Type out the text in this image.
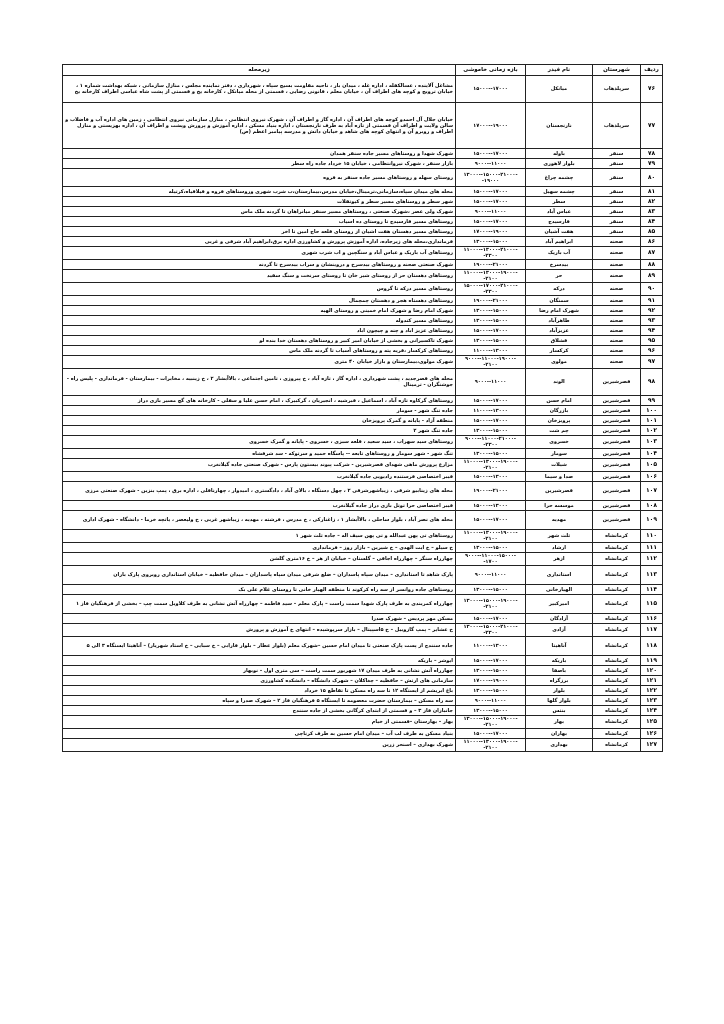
ردیف	شهرستان	نام فیدر	بازه زمانی خاموشی	زیرمحله
۷۶	سرپلذهاب	میانکل	۱۵۰۰۰--۱۷۰۰۰	مشاغل آلاینده ، عسالکفله ، اداره غله ، میدان بار ، ناحیه مقاومت بسیج سپاه ، شهرداری ، دفتر نماینده مجلس ، منازل سازمانی ، شبکه بهداشت شماره ۱ ، خیابان ترویج و کوچه های اطراف آن ، خیابان معلم ، قانونی رضایی ، قسمتی از محله میانکل ، کارخانه یخ و قسمتی از پشت شاه عباسی اطراف کارخانه یخ
۷۷	سرپلذهاب	نارنجستان	۱۷۰۰۰--۱۹۰۰۰	خیابان جلال آل احمدو کوچه های اطراف آن ، اداره گاز و اطراف آن ، شهرک نیروی انتظامی ، منازل سازمانی نیروی انتظامی ، زمین های اداره آب و فاضلاب و سالن ولایت و اطراف آن قسمتی از تازه آباد به طرف نارنجستان ، اداره بنیاد مسکن ، اداره آموزش و پرورش وپشت و اطراف آن ، اداره بهزیستی و منازل اطراف و روبرو آن و انتهای کوچه های شاهد و خیابان دانش و مدرسه پیامبر اعظم (ص)
۷۸	سنقر	باوله	۱۵۰۰۰--۱۷۰۰۰	شهرک شهدا و روستاهای مسیر جاده سنقر همدان
۷۹	سنقر	بلوار لاهوری	۹۰۰۰--۱۱۰۰۰	بازار سنقر ، شهرک نیروانتظامی ، خیابان ۱۵ خرداد جاده راه سطر
۸۰	سنقر	چشمه چراغ	۱۳۰۰۰--۱۵۰۰۰-۲۱۰۰۰--۱۹۰۰۰	روستای سهله و روستاهای مسیر جاده سنقر به فروه
۸۱	سنقر	چشمه سهیل	۱۵۰۰۰--۱۷۰۰۰	محله های میدان سپاه،سازمانی،ترمینال،خیابان مدرس،بیمارستان،ب شرب شهری وروستاهای فروه و قیلاقیاه،کرتیله
۸۲	سنقر	سطر	۱۵۰۰۰--۱۷۰۰۰	شهر سطر و روستاهای مسیر سطر و کیوتقلات
۸۳	سنقر	عباس آباد	۹۰۰۰--۱۱۰۰۰	شهرک ولی عصر ،شهرک صنعتی ، روستاهای مسیر سنقر میانراهان تا گردنه ملک ماس
۸۴	سنقر	قارسیدج	۱۵۰۰۰--۱۷۰۰۰	روستاهای مسیر قارسیدج تا روستای ده اسیاب
۸۵	سنقر	هفت آشیان	۱۷۰۰۰--۱۹۰۰۰	روستاهای مسیر دهستان هفت اشیان از روستای قلعه حاج امین تا اخر
۸۶	صحنه	ابراهیم آباد	۱۳۰۰۰--۱۵۰۰۰	فرمانداری،محله های زیرجاده، اداره آموزش پرورش و کشاورزی اداره برق،ابراهیم آباد شرقی و غربی
۸۷	صحنه	آب باریک	۱۱۰۰۰--۱۳۰۰۰-۲۱۰۰۰--۲۳۰۰	روستاهای آب باریک و عباس آباد و سنگچین و اب شرب شهری
۸۸	صحنه	بیدسرخ	۱۹۰۰۰--۲۱۰۰۰	شهرک صنعتی صحنه و روستاهای بیدسرخ و دروینشان و سراب بیدسرخ تا گردنه
۸۹	صحنه	حر	۱۱۰۰۰--۱۳۰۰۰-۱۹۰۰۰--۲۱۰۰	روستاهای دهستان حر از روستای شیر خان تا روستای سرنخت و سنگ سفید
۹۰	صحنه	درکه	۱۵۰۰۰--۱۷۰۰۰-۲۱۰۰۰--۲۳۰۰	روستاهای مسیر درکه تا گروس
۹۱	صحنه	سمنگان	۱۹۰۰۰--۲۱۰۰۰	روستاهای دهستاه هجر و دهستان چمچمال
۹۲	صحنه	شهرک امام رضا	۱۳۰۰۰--۱۵۰۰۰	شهرک امام رضا و شهرک امام خمینی و روستای الهیه
۹۳	صحنه	طاهرآباد	۱۳۰۰۰--۱۵۰۰۰	روستاهای مسیر کندوله
۹۴	صحنه	عزیزآباد	۱۵۰۰۰--۱۷۰۰۰	روستاهای عزیز اباد و چنه و چیچون اباد
۹۵	صحنه	قشلاق	۱۳۰۰۰--۱۵۰۰۰	شهرک تاکسیرانی و بخشی از خیابان امیر کبیر و روستاهای دهستان خدا بنده لو
۹۶	صحنه	کرکسار	۱۱۰۰۰--۱۳۰۰۰	روستاهای کرکسار ،قریه پته و روستاهای آسیاب تا گردنه ملک ماس
۹۷	صحنه	مولوی	۹۰۰۰--۱۱۰۰۰-۱۹۰۰۰--۲۱۰۰	شهرک مولوی،بیمارستان و بازار خیابان ۴۰ متری
۹۸	قصرشیرین	الوند	۹۰۰۰--۱۱۰۰۰	محله های قصرجدید ، پشت شهرداری ، اداره گاز ، تازه آباد ، خ پیروزی ، تامین اجتماعی ، بالاآبشار ۲ ، خ زینبیه ، مخابرات - بیمارستان - فرمانداری - پلیس راه - جوشنگران - ترمینال
۹۹	قصرشیرین	امام حسن	۱۵۰۰۰--۱۷۰۰۰	روستاهای گرکاوه تازه آباد ، اسماعیل ، قبرشیه ، انجیریان ، گرکبیرک ، امام حسن علیا و سفلی - کارخانه های گچ مسیر بازی دراز
۱۰۰	قصرشیرین	بازرگان	۱۱۰۰۰--۱۳۰۰۰	جاده تنگ شهر - سومار
۱۰۱	قصرشیرین	پرویزخان	۱۵۰۰۰--۱۷۰۰۰	منطقه آزاد - پایانه و گمرک پرویزخان
۱۰۲	قصرشیرین	چم شت	۱۳۰۰۰--۱۵۰۰۰	جاده تنگ شهر ۲
۱۰۳	قصرشیرین	خسروی	۹۰۰۰--۱۱۰۰۰-۲۱۰۰۰--۲۳۰۰	روستاهای سید سهراب ، سید سعید ، قلعه سبزی ، خسروی - پایانه و گمرک خسروی
۱۰۴	قصرشیرین	سومار	۱۳۰۰۰--۱۵۰۰۰	تنگ شهر - شهر سومار و روستاهای تابعه -- پاسگاه حمید و سرتوکه - سد شرفشاه
۱۰۵	قصرشیرین	شیلات	۱۱۰۰۰--۱۳۰۰۰-۱۹۰۰۰--۲۱۰۰	مزارع پرورش ماهی شهدای قصرشیرین - شرکت پیوند بیستون پارس - شهرک صنعتی جاده گیلانغرب
۱۰۶	قصرشیرین	صدا و سیما	۱۵۰۰۰--۱۳۰۰۰	قیبر اختصاصی فرستنده رادیویی جاده گیلانغرب
۱۰۷	قصرشیرین	قصرشیرین	۱۹۰۰۰--۲۱۰۰۰	محله های زینابیو شرقی ، زیباشهرشرقی ۲ ، چهل دستگاه ، بالای آباد ، دادگستری ، امیدوار ، چهارناقلی ، اداره برق ، پمپ بنزین - شهرک صنعتی مرزی
۱۰۸	قصرشیرین	موسسه حرا	۱۵۰۰۰--۱۳۰۰۰	قیبر اختصاصی حرا توتل بازی دراز جاده گیلانغرب
۱۰۹	قصرشیرین	مهدیه	۱۵۰۰۰--۱۷۰۰۰	محله های نصر آباد ، بلوار ساحلی ، بالاآبشار ۱ ، زاغنارکی ، خ مدرس ، فرشته ، مهدیه ، زیباشهر غربی ، خ ولیعصر ، یاتچه خرما - دانشگاه - شهرک اداری
۱۱۰	کرمانشاه	ثلث شهر	۱۱۰۰۰--۱۳۰۰۰-۱۹۰۰۰--۲۱۰۰	روستاهای تی پهن عبدالله و تی پهن سیف اله – جاده ثلث شهر ۱
۱۱۱	کرمانشاه	ارشاد	۱۳۰۰۰--۱۵۰۰۰	خ سیلو – خ ایت الهدی – خ شیرین – بازار روز – فرمانداری
۱۱۲	کرمانشاه	ازهر	۹۰۰۰--۱۱۰۰۰-۱۵۰۰۰--۱۷۰۰	چهارراه سنگر – چهارراه اجاقی – گلستان – خیابان از هر – خ ۱۶متری گلشن
۱۱۳	کرمانشاه	استانداری	۹۰۰۰--۱۱۰۰۰	پارک شاهد تا استانداری – میدان سپاه پاسداران – ضلع شرقی میدان سپاه پاسداران – میدان حافظیه – خیابان استانداری روبروی پارک باران
۱۱۴	کرمانشاه	الهیارخانی	۱۳۰۰۰--۱۵۰۰۰	روستاهای جاده روانسر از سه راه کرکوند تا منطقه الهیار خانی تا روستای غلام علی بک
۱۱۵	کرمانشاه	امیرکبیر	۱۳۰۰۰--۱۵۰۰۰-۱۹۰۰۰--۲۱۰۰	چهارراه کمربندی به طرف پارک شهدا سمت راست – پارک معلم – سید فاطمه – چهارراه آتش نشانی به طرف کلاویل سمت چپ – بخشی از فرهنگیان فاز ۱
۱۱۶	کرمانشاه	آزادگان	۱۵۰۰۰--۱۷۰۰۰	مسکن مهر پردیس – شهرک صدرا
۱۱۷	کرمانشاه	آزادی	۱۳۰۰۰--۱۵۰۰۰-۲۱۰۰۰--۲۳۰۰	خ عشایر – پمپ گازوییل – خ ۵اسپیتال – بازار سرپوشیده – انتهای خ آموزش و پرورش
۱۱۸	کرمانشاه	آناهیتا	۱۱۰۰۰--۱۳۰۰۰	جاده سنندج از پست پارک صنعتی تا میدان امام حسین –شهرک معلم (بلوار عطار – بلوار فارابی – خ سبایی – خ استاد شهریار) – آناهیتا ایستگاه ۳ الی ۵
۱۱۹	کرمانشاه	باریکه	۱۵۰۰۰--۱۷۰۰۰	ایوشر – باریکه
۱۲۰	کرمانشاه	باصفا	۱۳۰۰۰--۱۵۰۰۰	چهارراه آتش نشانی به طرف میدان ۱۷ شهریور سمت راست – سی متری اول – نوبهار
۱۲۱	کرمانشاه	برزگراه	۱۷۰۰۰--۱۹۰۰۰	سازمانی های ارتش – حافظیه – چغاکلان – شهرک دانشگاه – دانشکده کشاورزی
۱۲۲	کرمانشاه	بلوار	۱۳۰۰۰--۱۵۰۰۰	باغ ابریشم از ایستگاه ۱۲ تا سه راه مسکن تا تقاطع ۱۵ خرداد
۱۲۳	کرمانشاه	بلوار گلها	۹۰۰۰--۱۱۰۰۰	سه راه مسکن – بیمارستان حضرت معصومه تا ایستگاه ۵ فرهنگیان فاز ۲ – شهرک صدرا و سپاه
۱۲۴	کرمانشاه	بنتس	۱۳۰۰۰--۱۵۰۰۰	جانبازان فاز ۳ – و قسمتی از ابتدای کرگانی بخشی از جاده سنندج
۱۲۵	کرمانشاه	بهار	۱۳۰۰۰--۱۵۰۰۰-۱۹۰۰۰--۲۱۰۰	بهار – بهارستان –قسمتی از خیام
۱۲۶	کرمانشاه	بهاران	۱۵۰۰۰--۱۷۰۰۰	بنیاد مسکن به طرف لب آب – میدان امام حسین به طرف کرناچی
۱۲۷	کرمانشاه	بهداری	۱۱۰۰۰--۱۳۰۰۰-۱۹۰۰۰--۲۱۰۰	شهرک بهداری – اسنحر زرین
